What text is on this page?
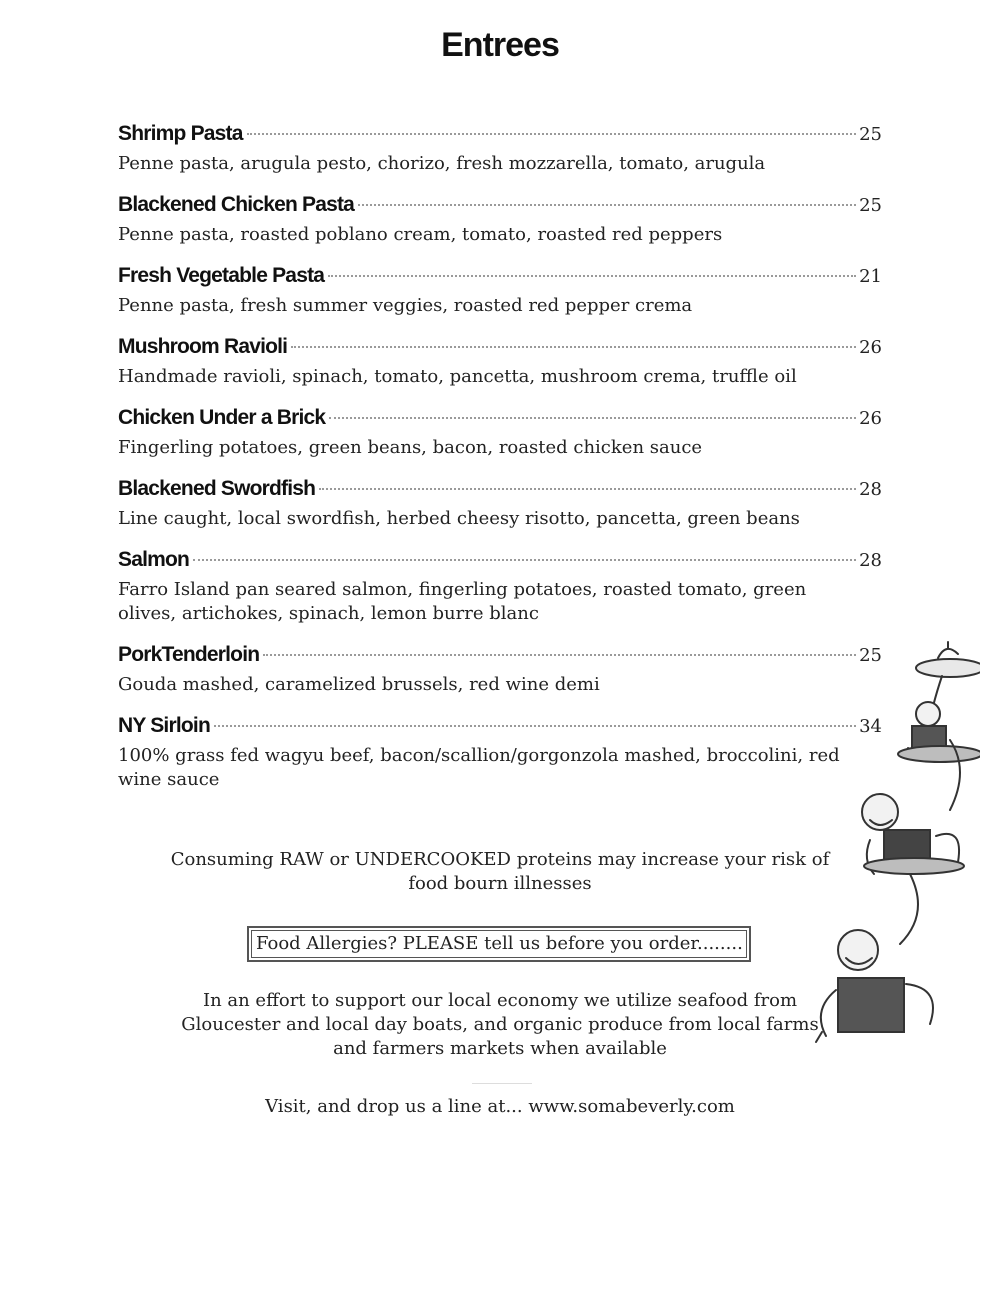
Entrees
Shrimp Pasta	25
Penne pasta, arugula pesto, chorizo, fresh mozzarella, tomato, arugula
Blackened Chicken Pasta	25
Penne pasta, roasted poblano cream, tomato, roasted red peppers
Fresh Vegetable Pasta	21
Penne pasta, fresh summer veggies, roasted red pepper crema
Mushroom Ravioli	26
Handmade ravioli, spinach, tomato, pancetta, mushroom crema, truffle oil
Chicken Under a Brick	26
Fingerling potatoes, green beans, bacon, roasted chicken sauce
Blackened Swordfish	28
Line caught, local swordfish, herbed cheesy risotto, pancetta, green beans
Salmon	28
Farro Island pan seared salmon, fingerling potatoes, roasted tomato, green olives, artichokes, spinach, lemon burre blanc
PorkTenderloin	25
Gouda mashed, caramelized brussels, red wine demi
NY Sirloin	34
100% grass fed wagyu beef, bacon/scallion/gorgonzola mashed, broccolini, red wine sauce
Consuming RAW or UNDERCOOKED proteins may increase your risk of food bourn illnesses
Food Allergies? PLEASE tell us before you order........
In an effort to support our local economy we utilize seafood from Gloucester and local day boats, and organic produce from local farms and farmers markets when available
Visit, and drop us a line at... www.somabeverly.com
